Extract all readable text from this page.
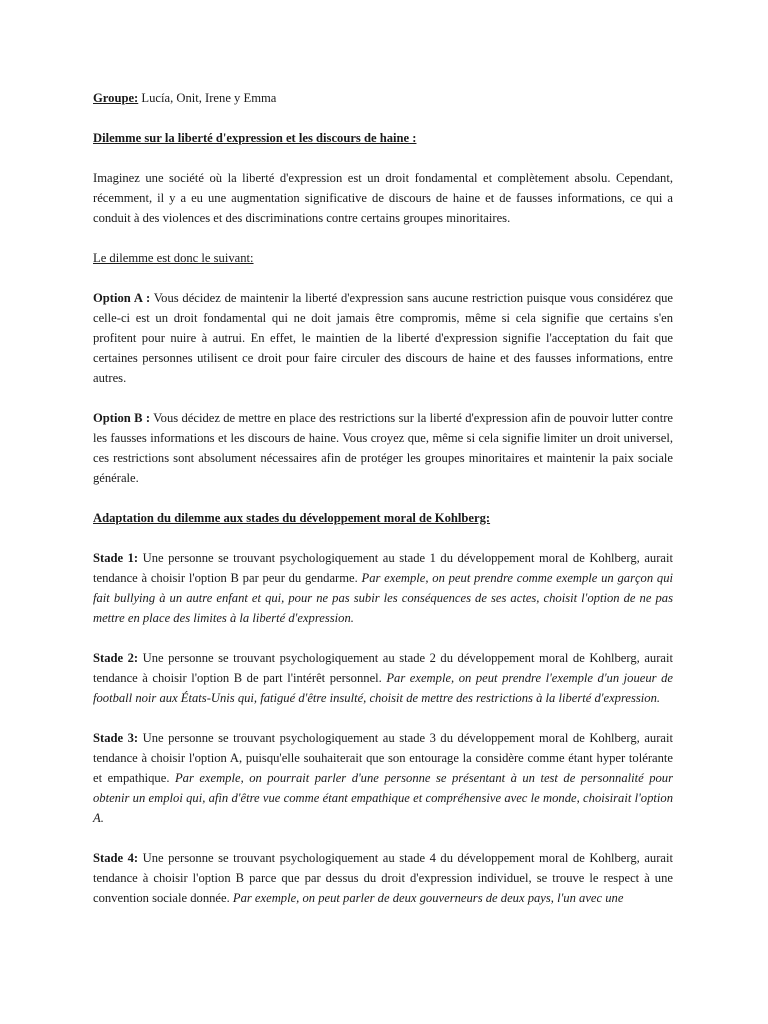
Groupe: Lucía, Onit, Irene y Emma

Dilemme sur la liberté d'expression et les discours de haine :

Imaginez une société où la liberté d'expression est un droit fondamental et complètement absolu. Cependant, récemment, il y a eu une augmentation significative de discours de haine et de fausses informations, ce qui a conduit à des violences et des discriminations contre certains groupes minoritaires.

Le dilemme est donc le suivant:

Option A : Vous décidez de maintenir la liberté d'expression sans aucune restriction puisque vous considérez que celle-ci est un droit fondamental qui ne doit jamais être compromis, même si cela signifie que certains s'en profitent pour nuire à autrui. En effet, le maintien de la liberté d'expression signifie l'acceptation du fait que certaines personnes utilisent ce droit pour faire circuler des discours de haine et des fausses informations, entre autres.

Option B : Vous décidez de mettre en place des restrictions sur la liberté d'expression afin de pouvoir lutter contre les fausses informations et les discours de haine. Vous croyez que, même si cela signifie limiter un droit universel, ces restrictions sont absolument nécessaires afin de protéger les groupes minoritaires et maintenir la paix sociale générale.

Adaptation du dilemme aux stades du développement moral de Kohlberg:

Stade 1: Une personne se trouvant psychologiquement au stade 1 du développement moral de Kohlberg, aurait tendance à choisir l'option B par peur du gendarme. Par exemple, on peut prendre comme exemple un garçon qui fait bullying à un autre enfant et qui, pour ne pas subir les conséquences de ses actes, choisit l'option de ne pas mettre en place des limites à la liberté d'expression.

Stade 2: Une personne se trouvant psychologiquement au stade 2 du développement moral de Kohlberg, aurait tendance à choisir l'option B de part l'intérêt personnel. Par exemple, on peut prendre l'exemple d'un joueur de football noir aux États-Unis qui, fatigué d'être insulté, choisit de mettre des restrictions à la liberté d'expression.

Stade 3: Une personne se trouvant psychologiquement au stade 3 du développement moral de Kohlberg, aurait tendance à choisir l'option A, puisqu'elle souhaiterait que son entourage la considère comme étant hyper tolérante et empathique. Par exemple, on pourrait parler d'une personne se présentant à un test de personnalité pour obtenir un emploi qui, afin d'être vue comme étant empathique et compréhensive avec le monde, choisirait l'option A.

Stade 4: Une personne se trouvant psychologiquement au stade 4 du développement moral de Kohlberg, aurait tendance à choisir l'option B parce que par dessus du droit d'expression individuel, se trouve le respect à une convention sociale donnée. Par exemple, on peut parler de deux gouverneurs de deux pays, l'un avec une
